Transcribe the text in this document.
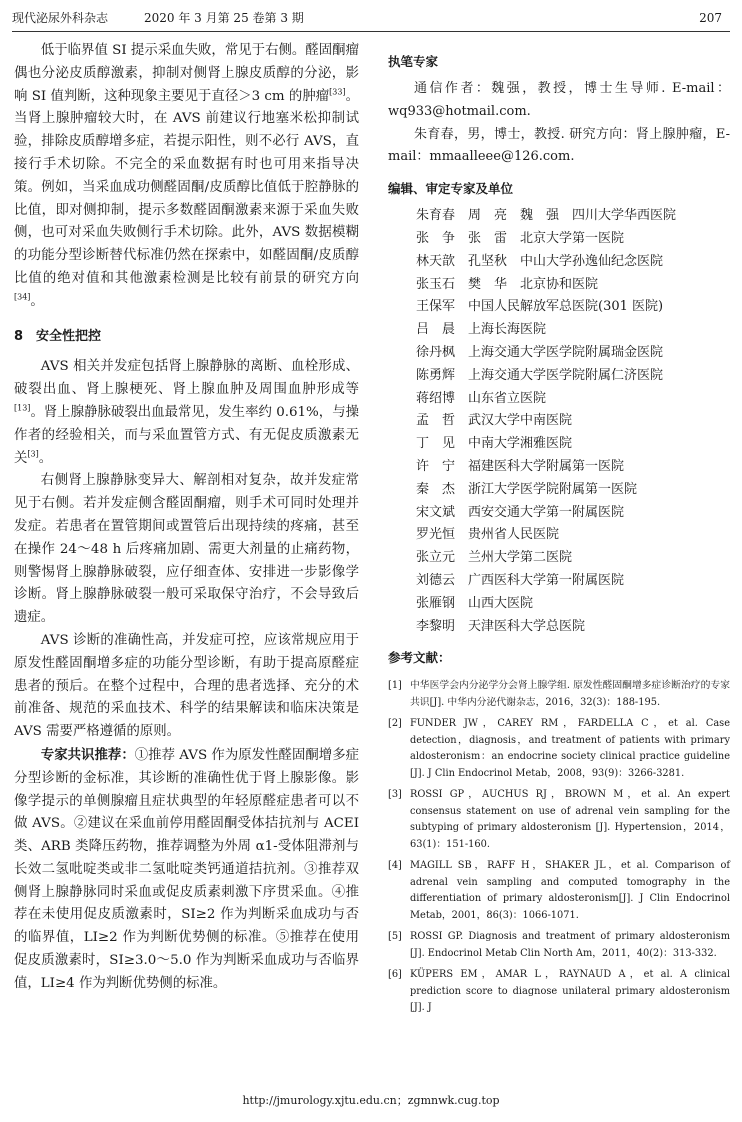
现代泌尿外科杂志	2020 年 3 月第 25 卷第 3 期	207

低于临界值 SI 提示采血失败，常见于右侧。醛固酮瘤偶也分泌皮质醇激素，抑制对侧肾上腺皮质醇的分泌，影响 SI 值判断，这种现象主要见于直径＞3 cm 的肿瘤[33]。当肾上腺肿瘤较大时，在 AVS 前建议行地塞米松抑制试验，排除皮质醇增多症，若提示阳性，则不必行 AVS，直接行手术切除。不完全的采血数据有时也可用来指导决策。例如，当采血成功侧醛固酮/皮质醇比值低于腔静脉的比值，即对侧抑制，提示多数醛固酮激素来源于采血失败侧，也可对采血失败侧行手术切除。此外，AVS 数据模糊的功能分型诊断替代标准仍然在探索中，如醛固酮/皮质醇比值的绝对值和其他激素检测是比较有前景的研究方向[34]。

8 安全性把控

AVS 相关并发症包括肾上腺静脉的离断、血栓形成、破裂出血、肾上腺梗死、肾上腺血肿及周围血肿形成等[13]。肾上腺静脉破裂出血最常见，发生率约 0.61%，与操作者的经验相关，而与采血置管方式、有无促皮质激素无关[3]。

右侧肾上腺静脉变异大、解剖相对复杂，故并发症常见于右侧。若并发症侧含醛固酮瘤，则手术可同时处理并发症。若患者在置管期间或置管后出现持续的疼痛，甚至在操作 24～48 h 后疼痛加剧、需更大剂量的止痛药物，则警惕肾上腺静脉破裂，应仔细查体、安排进一步影像学诊断。肾上腺静脉破裂一般可采取保守治疗，不会导致后遗症。

AVS 诊断的准确性高，并发症可控，应该常规应用于原发性醛固酮增多症的功能分型诊断，有助于提高原醛症患者的预后。在整个过程中，合理的患者选择、充分的术前准备、规范的采血技术、科学的结果解读和临床决策是 AVS 需要严格遵循的原则。

专家共识推荐：①推荐 AVS 作为原发性醛固酮增多症分型诊断的金标准，其诊断的准确性优于肾上腺影像。影像学提示的单侧腺瘤且症状典型的年轻原醛症患者可以不做 AVS。②建议在采血前停用醛固酮受体拮抗剂与 ACEI 类、ARB 类降压药物，推荐调整为外周 α1-受体阻滞剂与长效二氢吡啶类或非二氢吡啶类钙通道拮抗剂。③推荐双侧肾上腺静脉同时采血或促皮质素刺激下序贯采血。④推荐在未使用促皮质激素时，SI≥2 作为判断采血成功与否的临界值，LI≥2 作为判断优势侧的标准。⑤推荐在使用促皮质激素时，SI≥3.0～5.0 作为判断采血成功与否临界值，LI≥4 作为判断优势侧的标准。

执笔专家

通信作者：魏强，教授，博士生导师. E-mail：wq933@hotmail.com.

朱育春，男，博士，教授. 研究方向：肾上腺肿瘤，E-mail：mmaalleee@126.com.

编辑、审定专家及单位
朱育春　周　亮　魏　强　 四川大学华西医院
张　争　张　雷　 北京大学第一医院
林天歆　孔坚秋　 中山大学孙逸仙纪念医院
张玉石　樊　华　 北京协和医院
王保军　 中国人民解放军总医院(301 医院)
吕　晨　 上海长海医院
徐丹枫　 上海交通大学医学院附属瑞金医院
陈勇辉　 上海交通大学医学院附属仁济医院
蒋绍博　 山东省立医院
孟　哲　 武汉大学中南医院
丁　见　 中南大学湘雅医院
许　宁　 福建医科大学附属第一医院
秦　杰　 浙江大学医学院附属第一医院
宋文斌　 西安交通大学第一附属医院
罗光恒　 贵州省人民医院
张立元　 兰州大学第二医院
刘德云　 广西医科大学第一附属医院
张雁钢　 山西大医院
李黎明　 天津医科大学总医院
参考文献：
[1] 中华医学会内分泌学分会肾上腺学组. 原发性醛固酮增多症诊断治疗的专家共识[J]. 中华内分泌代谢杂志，2016，32(3)：188-195.
[2] FUNDER JW，CAREY RM，FARDELLA C，et al. Case detection，diagnosis，and treatment of patients with primary aldosteronism：an endocrine society clinical practice guideline [J]. J Clin Endocrinol Metab，2008，93(9)：3266-3281.
[3] ROSSI GP，AUCHUS RJ，BROWN M，et al. An expert consensus statement on use of adrenal vein sampling for the subtyping of primary aldosteronism [J]. Hypertension，2014，63(1)：151-160.
[4] MAGILL SB，RAFF H，SHAKER JL，et al. Comparison of adrenal vein sampling and computed tomography in the differentiation of primary aldosteronism[J]. J Clin Endocrinol Metab，2001，86(3)：1066-1071.
[5] ROSSI GP. Diagnosis and treatment of primary aldosteronism [J]. Endocrinol Metab Clin North Am，2011，40(2)：313-332.
[6] KÜPERS EM，AMAR L，RAYNAUD A，et al. A clinical prediction score to diagnose unilateral primary aldosteronism [J]. J
http://jmurology.xjtu.edu.cn；zgmnwk.cug.top
